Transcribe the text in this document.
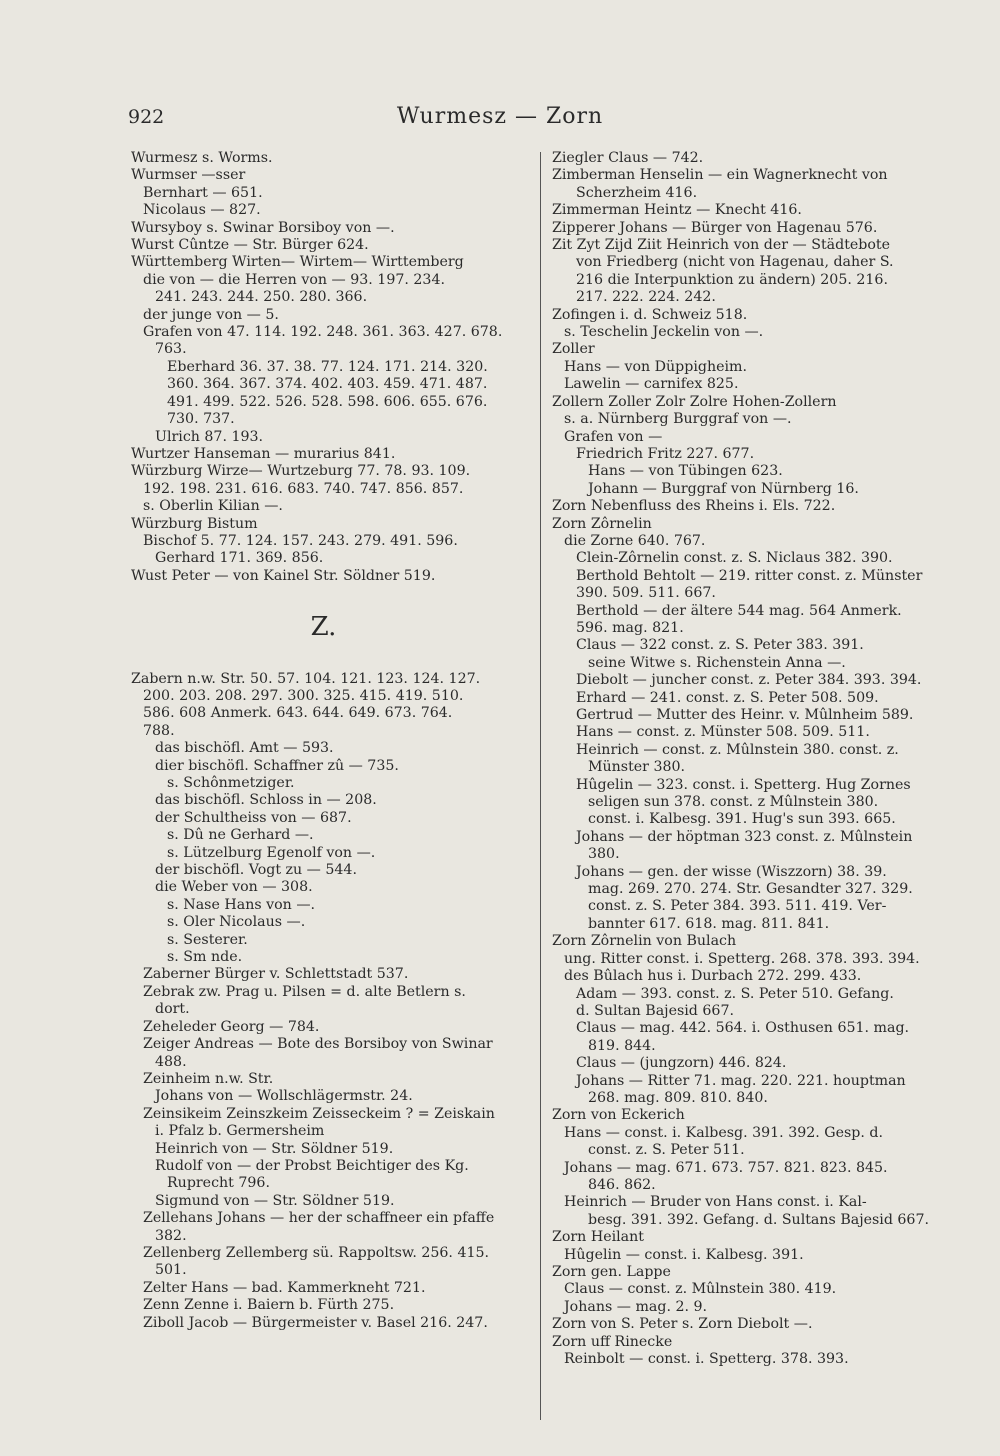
922	Wurmesz — Zorn
Wurmesz s. Worms.
Wurmser —sser
Bernhart — 651.
Nicolaus — 827.
Wursyboy s. Swinar Borsiboy von —.
Wurst Cûntze — Str. Bürger 624.
Württemberg Wirten— Wirtem— Wirttemberg
die von — die Herren von — 93. 197. 234.
241. 243. 244. 250. 280. 366.
der junge von — 5.
Grafen von 47. 114. 192. 248. 361. 363. 427. 678.
763.
Eberhard 36. 37. 38. 77. 124. 171. 214. 320.
360. 364. 367. 374. 402. 403. 459. 471. 487.
491. 499. 522. 526. 528. 598. 606. 655. 676.
730. 737.
Ulrich 87. 193.
Wurtzer Hanseman — murarius 841.
Würzburg Wirze— Wurtzeburg 77. 78. 93. 109.
192. 198. 231. 616. 683. 740. 747. 856. 857.
s. Oberlin Kilian —.
Würzburg Bistum
Bischof 5. 77. 124. 157. 243. 279. 491. 596.
Gerhard 171. 369. 856.
Wust Peter — von Kainel Str. Söldner 519.
Z.
Zabern n.w. Str. 50. 57. 104. 121. 123. 124. 127.
200. 203. 208. 297. 300. 325. 415. 419. 510.
586. 608 Anmerk. 643. 644. 649. 673. 764.
788.
das bischöfl. Amt — 593.
dier bischöfl. Schaffner zû — 735.
s. Schônmetziger.
das bischöfl. Schloss in — 208.
der Schultheiss von — 687.
s. Dû ne Gerhard —.
s. Lützelburg Egenolf von —.
der bischöfl. Vogt zu — 544.
die Weber von — 308.
s. Nase Hans von —.
s. Oler Nicolaus —.
s. Sesterer.
s. Sm nde.
Zaberner Bürger v. Schlettstadt 537.
Zebrak zw. Prag u. Pilsen = d. alte Betlern s.
dort.
Zeheleder Georg — 784.
Zeiger Andreas — Bote des Borsiboy von Swinar
488.
Zeinheim n.w. Str.
Johans von — Wollschlägermstr. 24.
Zeinsikeim Zeinszkeim Zeisseckeim ? = Zeiskain
i. Pfalz b. Germersheim
Heinrich von — Str. Söldner 519.
Rudolf von — der Probst Beichtiger des Kg.
Ruprecht 796.
Sigmund von — Str. Söldner 519.
Zellehans Johans — her der schaffneer ein pfaffe
382.
Zellenberg Zellemberg sü. Rappoltsw. 256. 415.
501.
Zelter Hans — bad. Kammerkneht 721.
Zenn Zenne i. Baiern b. Fürth 275.
Ziboll Jacob — Bürgermeister v. Basel 216. 247.
Ziegler Claus — 742.
Zimberman Henselin — ein Wagnerknecht von
Scherzheim 416.
Zimmerman Heintz — Knecht 416.
Zipperer Johans — Bürger von Hagenau 576.
Zit Zyt Zijd Ziit Heinrich von der — Städtebote
von Friedberg (nicht von Hagenau, daher S.
216 die Interpunktion zu ändern) 205. 216.
217. 222. 224. 242.
Zofingen i. d. Schweiz 518.
s. Teschelin Jeckelin von —.
Zoller
Hans — von Düppigheim.
Lawelin — carnifex 825.
Zollern Zoller Zolr Zolre Hohen-Zollern
s. a. Nürnberg Burggraf von —.
Grafen von —
Friedrich Fritz 227. 677.
Hans — von Tübingen 623.
Johann — Burggraf von Nürnberg 16.
Zorn Nebenfluss des Rheins i. Els. 722.
Zorn Zôrnelin
die Zorne 640. 767.
Clein-Zôrnelin const. z. S. Niclaus 382. 390.
Berthold Behtolt — 219. ritter const. z. Münster
390. 509. 511. 667.
Berthold — der ältere 544 mag. 564 Anmerk.
596. mag. 821.
Claus — 322 const. z. S. Peter 383. 391.
seine Witwe s. Richenstein Anna —.
Diebolt — juncher const. z. Peter 384. 393. 394.
Erhard — 241. const. z. S. Peter 508. 509.
Gertrud — Mutter des Heinr. v. Mûlnheim 589.
Hans — const. z. Münster 508. 509. 511.
Heinrich — const. z. Mûlnstein 380. const. z.
Münster 380.
Hûgelin — 323. const. i. Spetterg. Hug Zornes
seligen sun 378. const. z Mûlnstein 380.
const. i. Kalbesg. 391. Hug's sun 393. 665.
Johans — der höptman 323 const. z. Mûlnstein
380.
Johans — gen. der wisse (Wiszzorn) 38. 39.
mag. 269. 270. 274. Str. Gesandter 327. 329.
const. z. S. Peter 384. 393. 511. 419. Ver-
bannter 617. 618. mag. 811. 841.
Zorn Zôrnelin von Bulach
ung. Ritter const. i. Spetterg. 268. 378. 393. 394.
des Bûlach hus i. Durbach 272. 299. 433.
Adam — 393. const. z. S. Peter 510. Gefang.
d. Sultan Bajesid 667.
Claus — mag. 442. 564. i. Osthusen 651. mag.
819. 844.
Claus — (jungzorn) 446. 824.
Johans — Ritter 71. mag. 220. 221. houptman
268. mag. 809. 810. 840.
Zorn von Eckerich
Hans — const. i. Kalbesg. 391. 392. Gesp. d.
const. z. S. Peter 511.
Johans — mag. 671. 673. 757. 821. 823. 845.
846. 862.
Heinrich — Bruder von Hans const. i. Kal-
besg. 391. 392. Gefang. d. Sultans Bajesid 667.
Zorn Heilant
Hûgelin — const. i. Kalbesg. 391.
Zorn gen. Lappe
Claus — const. z. Mûlnstein 380. 419.
Johans — mag. 2. 9.
Zorn von S. Peter s. Zorn Diebolt —.
Zorn uff Rinecke
Reinbolt — const. i. Spetterg. 378. 393.
